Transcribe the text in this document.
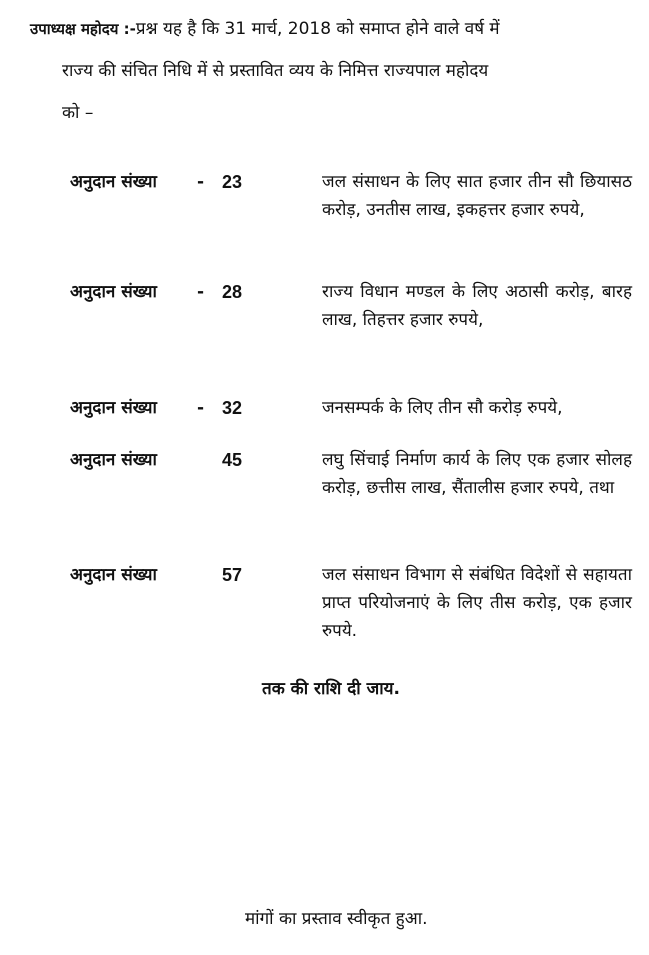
उपाध्यक्ष महोदय :-प्रश्न यह है कि 31 मार्च, 2018 को समाप्त होने वाले वर्ष में
राज्य की संचित निधि में से प्रस्तावित व्यय के निमित्त राज्यपाल महोदय
को –
अनुदान संख्या - 23	जल संसाधन के लिए सात हजार तीन सौ छियासठ करोड़, उनतीस लाख, इकहत्तर हजार रुपये,
अनुदान संख्या - 28	राज्य विधान मण्डल के लिए अठासी करोड़, बारह लाख, तिहत्तर हजार रुपये,
अनुदान संख्या - 32	जनसम्पर्क के लिए तीन सौ करोड़ रुपये,
अनुदान संख्या	45	लघु सिंचाई निर्माण कार्य के लिए एक हजार सोलह करोड़, छत्तीस लाख, सैंतालीस हजार रुपये, तथा
अनुदान संख्या	57	जल संसाधन विभाग से संबंधित विदेशों से सहायता प्राप्त परियोजनाएं के लिए तीस करोड़, एक हजार रुपये.
तक की राशि दी जाय.
मांगों का प्रस्ताव स्वीकृत हुआ.
